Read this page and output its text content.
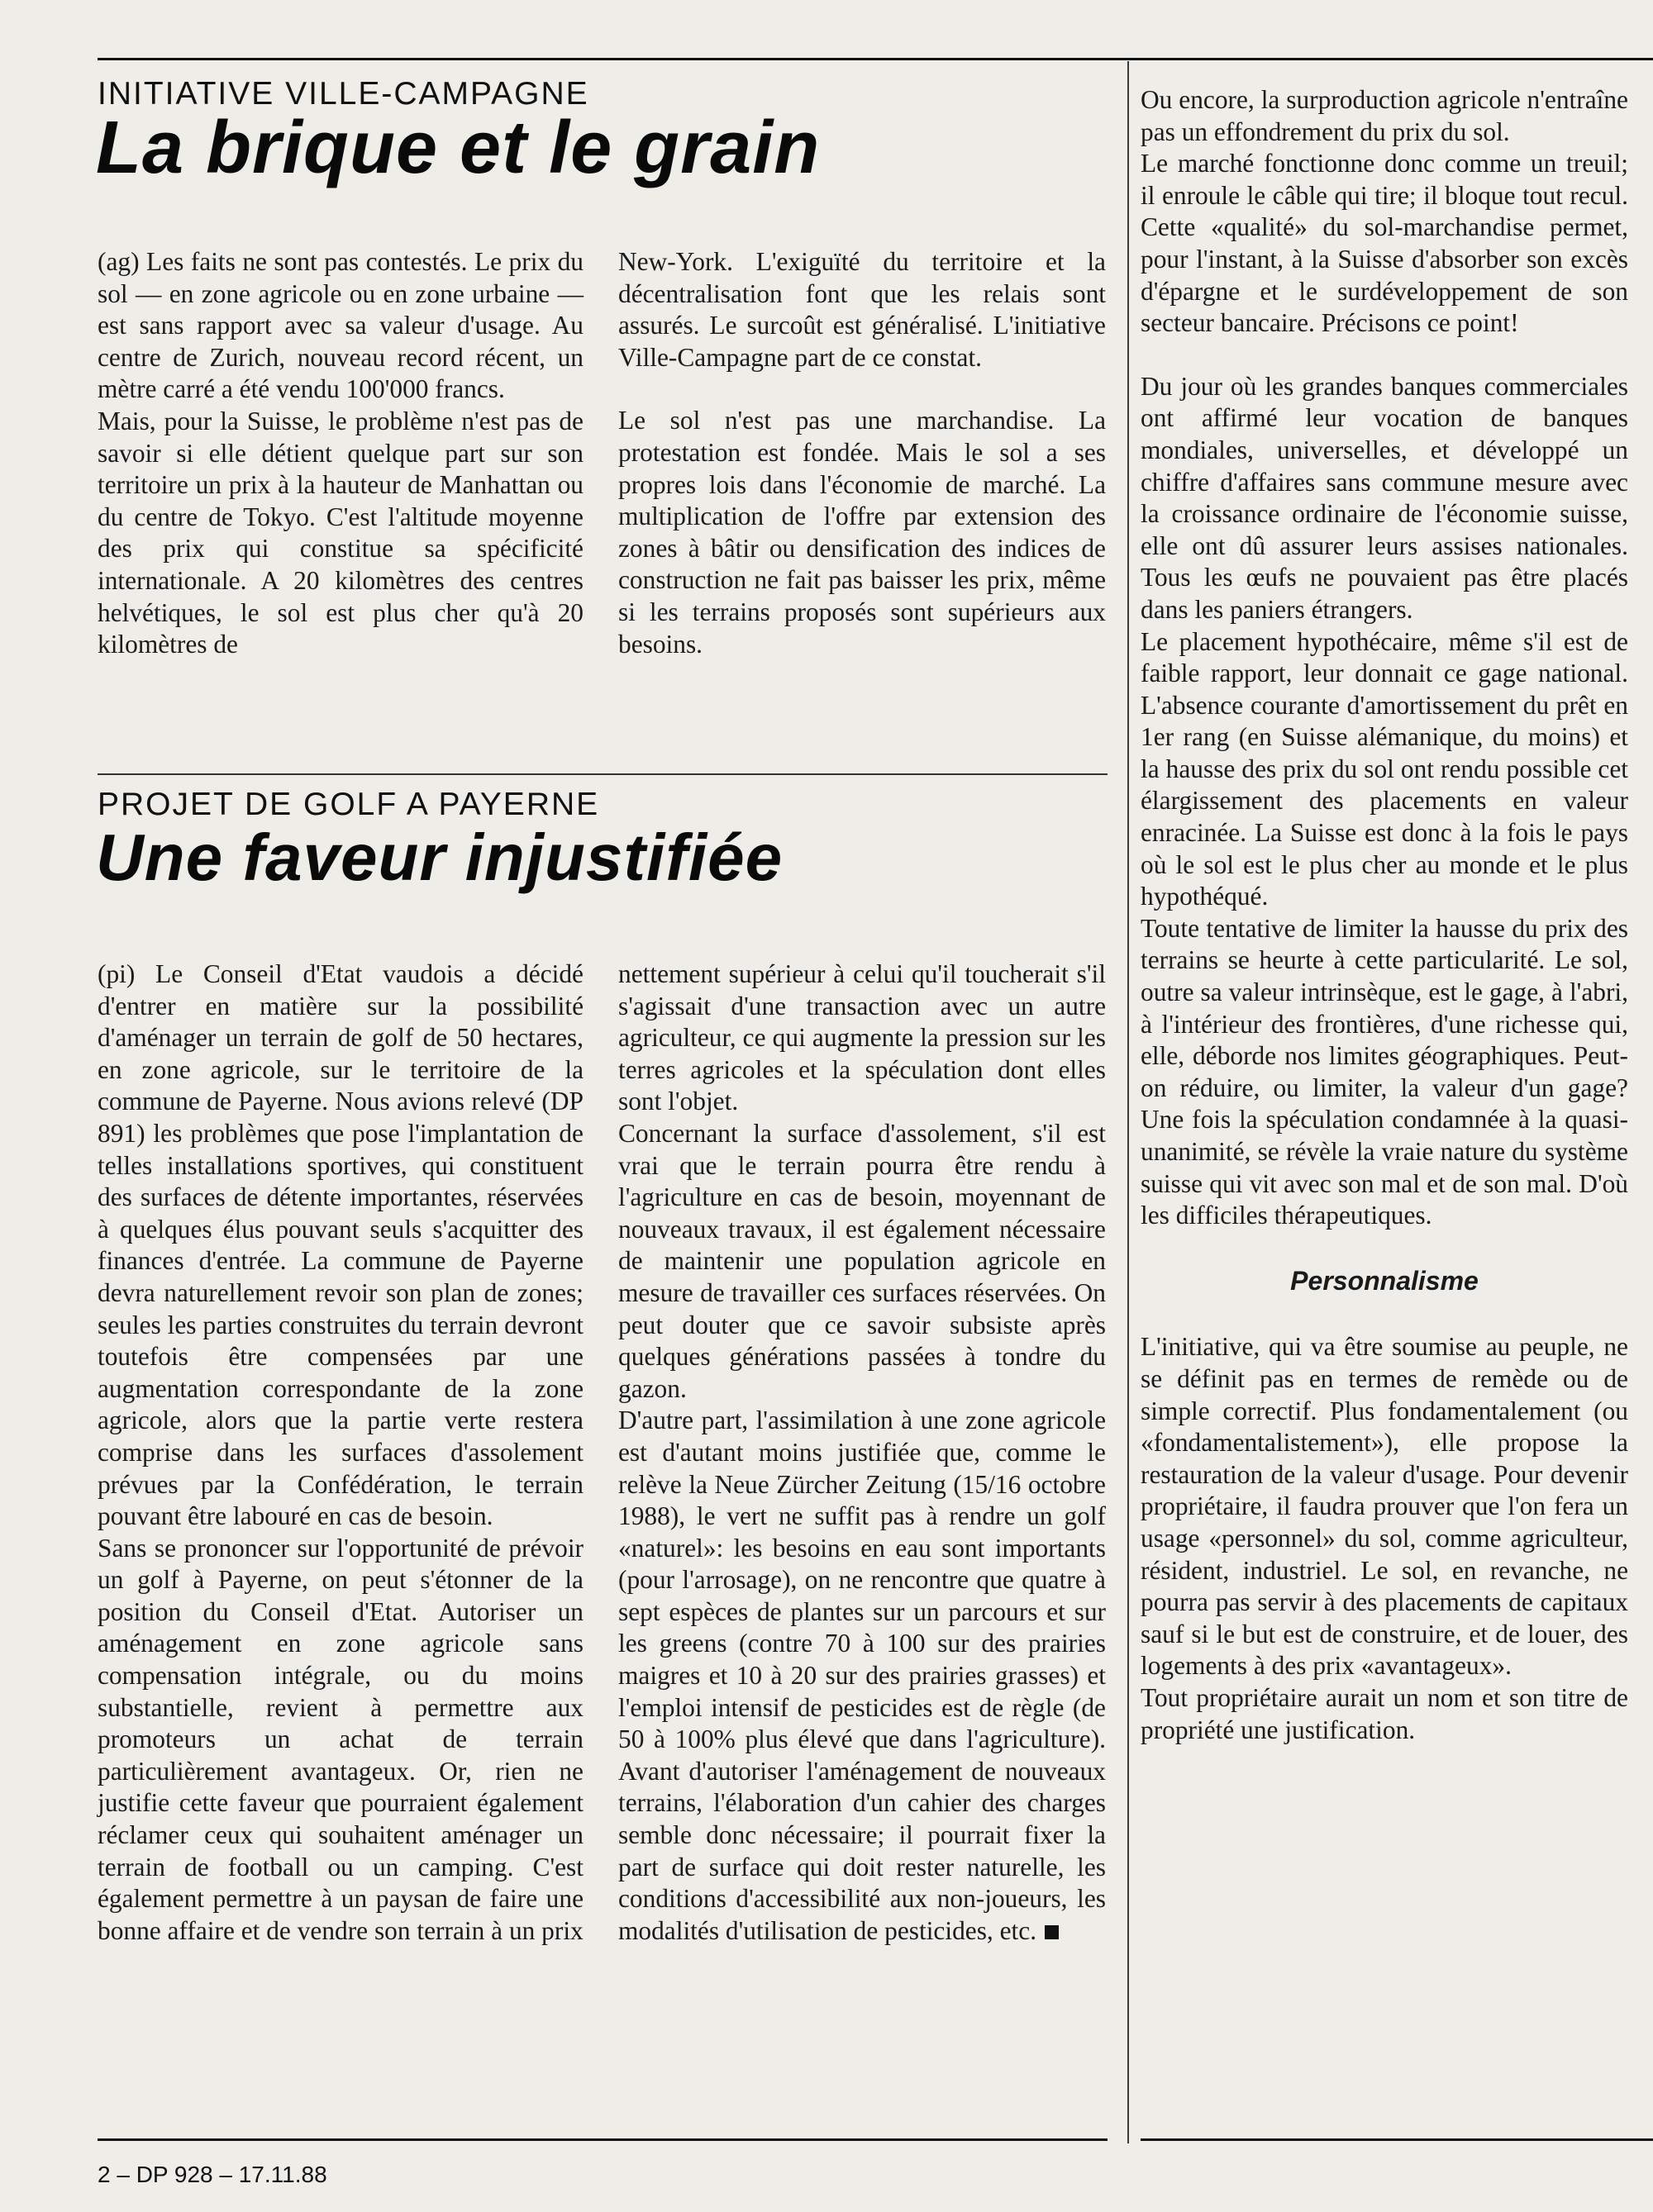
INITIATIVE VILLE-CAMPAGNE
La brique et le grain

(ag) Les faits ne sont pas contestés. Le prix du sol — en zone agricole ou en zone urbaine — est sans rapport avec sa valeur d'usage. Au centre de Zurich, nouveau record récent, un mètre carré a été vendu 100'000 francs.

Mais, pour la Suisse, le problème n'est pas de savoir si elle détient quelque part sur son territoire un prix à la hauteur de Manhattan ou du centre de Tokyo. C'est l'altitude moyenne des prix qui constitue sa spécificité internationale. A 20 kilomètres des centres helvétiques, le sol est plus cher qu'à 20 kilomètres de

New-York. L'exiguïté du territoire et la décentralisation font que les relais sont assurés. Le surcoût est généralisé. L'initiative Ville-Campagne part de ce constat.

Le sol n'est pas une marchandise. La protestation est fondée. Mais le sol a ses propres lois dans l'économie de marché. La multiplication de l'offre par extension des zones à bâtir ou densification des indices de construction ne fait pas baisser les prix, même si les terrains proposés sont supérieurs aux besoins.

Ou encore, la surproduction agricole n'entraîne pas un effondrement du prix du sol.

Le marché fonctionne donc comme un treuil; il enroule le câble qui tire; il bloque tout recul. Cette «qualité» du sol-marchandise permet, pour l'instant, à la Suisse d'absorber son excès d'épargne et le surdéveloppement de son secteur bancaire. Précisons ce point!

Du jour où les grandes banques commerciales ont affirmé leur vocation de banques mondiales, universelles, et développé un chiffre d'affaires sans commune mesure avec la croissance ordinaire de l'économie suisse, elle ont dû assurer leurs assises nationales. Tous les œufs ne pouvaient pas être placés dans les paniers étrangers.

Le placement hypothécaire, même s'il est de faible rapport, leur donnait ce gage national. L'absence courante d'amortissement du prêt en 1er rang (en Suisse alémanique, du moins) et la hausse des prix du sol ont rendu possible cet élargissement des placements en valeur enracinée. La Suisse est donc à la fois le pays où le sol est le plus cher au monde et le plus hypothéqué.

Toute tentative de limiter la hausse du prix des terrains se heurte à cette particularité. Le sol, outre sa valeur intrinsèque, est le gage, à l'abri, à l'intérieur des frontières, d'une richesse qui, elle, déborde nos limites géographiques. Peut-on réduire, ou limiter, la valeur d'un gage? Une fois la spéculation condamnée à la quasi-unanimité, se révèle la vraie nature du système suisse qui vit avec son mal et de son mal. D'où les difficiles thérapeutiques.

Personnalisme

L'initiative, qui va être soumise au peuple, ne se définit pas en termes de remède ou de simple correctif. Plus fondamentalement (ou «fondamentalistement»), elle propose la restauration de la valeur d'usage. Pour devenir propriétaire, il faudra prouver que l'on fera un usage «personnel» du sol, comme agriculteur, résident, industriel. Le sol, en revanche, ne pourra pas servir à des placements de capitaux sauf si le but est de construire, et de louer, des logements à des prix «avantageux».

Tout propriétaire aurait un nom et son titre de propriété une justification.

PROJET DE GOLF A PAYERNE
Une faveur injustifiée

(pi) Le Conseil d'Etat vaudois a décidé d'entrer en matière sur la possibilité d'aménager un terrain de golf de 50 hectares, en zone agricole, sur le territoire de la commune de Payerne. Nous avions relevé (DP 891) les problèmes que pose l'implantation de telles installations sportives, qui constituent des surfaces de détente importantes, réservées à quelques élus pouvant seuls s'acquitter des finances d'entrée. La commune de Payerne devra naturellement revoir son plan de zones; seules les parties construites du terrain devront toutefois être compensées par une augmentation correspondante de la zone agricole, alors que la partie verte restera comprise dans les surfaces d'assolement prévues par la Confédération, le terrain pouvant être labouré en cas de besoin.

Sans se prononcer sur l'opportunité de prévoir un golf à Payerne, on peut s'étonner de la position du Conseil d'Etat. Autoriser un aménagement en zone agricole sans compensation intégrale, ou du moins substantielle, revient à permettre aux promoteurs un achat de terrain particulièrement avantageux. Or, rien ne justifie cette faveur que pourraient également réclamer ceux qui souhaitent aménager un terrain de football ou un camping. C'est également permettre à un paysan de faire une bonne affaire et de vendre son terrain à un prix

nettement supérieur à celui qu'il toucherait s'il s'agissait d'une transaction avec un autre agriculteur, ce qui augmente la pression sur les terres agricoles et la spéculation dont elles sont l'objet.

Concernant la surface d'assolement, s'il est vrai que le terrain pourra être rendu à l'agriculture en cas de besoin, moyennant de nouveaux travaux, il est également nécessaire de maintenir une population agricole en mesure de travailler ces surfaces réservées. On peut douter que ce savoir subsiste après quelques générations passées à tondre du gazon.

D'autre part, l'assimilation à une zone agricole est d'autant moins justifiée que, comme le relève la Neue Zürcher Zeitung (15/16 octobre 1988), le vert ne suffit pas à rendre un golf «naturel»: les besoins en eau sont importants (pour l'arrosage), on ne rencontre que quatre à sept espèces de plantes sur un parcours et sur les greens (contre 70 à 100 sur des prairies maigres et 10 à 20 sur des prairies grasses) et l'emploi intensif de pesticides est de règle (de 50 à 100% plus élevé que dans l'agriculture). Avant d'autoriser l'aménagement de nouveaux terrains, l'élaboration d'un cahier des charges semble donc nécessaire; il pourrait fixer la part de surface qui doit rester naturelle, les conditions d'accessibilité aux non-joueurs, les modalités d'utilisation de pesticides, etc.

2 – DP 928 – 17.11.88
